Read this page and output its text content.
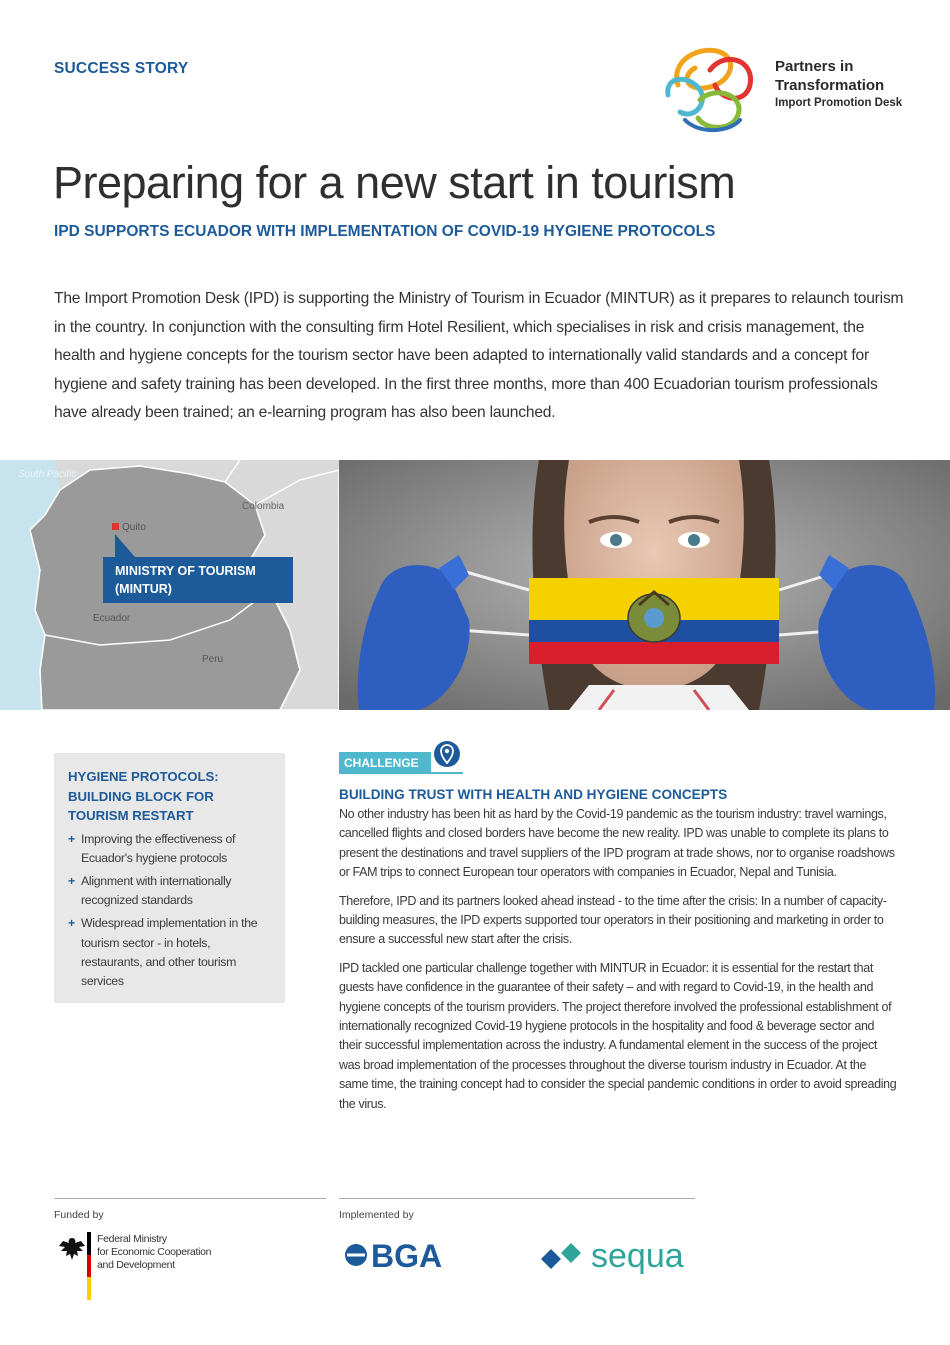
SUCCESS STORY	Partners in
Transformation
Import Promotion Desk
Preparing for a new start in tourism
IPD SUPPORTS ECUADOR WITH IMPLEMENTATION OF COVID-19 HYGIENE PROTOCOLS
The Import Promotion Desk (IPD) is supporting the Ministry of Tourism in Ecuador (MINTUR) as it prepares to relaunch tourism in the country. In conjunction with the consulting firm Hotel Resilient, which specialises in risk and crisis management, the health and hygiene concepts for the tourism sector have been adapted to internationally valid standards and a concept for hygiene and safety training has been developed. In the first three months, more than 400 Ecuadorian tourism professionals have already been trained; an e-learning program has also been launched.
South Pacific
Colombia
Quito
Ecuador
Peru
MINISTRY OF TOURISM
(MINTUR)
HYGIENE PROTOCOLS: BUILDING BLOCK FOR TOURISM RESTART
+ Improving the effectiveness of Ecuador's hygiene protocols
+ Alignment with internationally recognized standards
+ Widespread implementation in the tourism sector - in hotels, restaurants, and other tourism services
CHALLENGE
BUILDING TRUST WITH HEALTH AND HYGIENE CONCEPTS

No other industry has been hit as hard by the Covid-19 pandemic as the tourism industry: travel warnings, cancelled flights and closed borders have become the new reality. IPD was unable to complete its plans to present the destinations and travel suppliers of the IPD program at trade shows, nor to organise roadshows or FAM trips to connect European tour operators with companies in Ecuador, Nepal and Tunisia.

Therefore, IPD and its partners looked ahead instead - to the time after the crisis: In a number of capacity-building measures, the IPD experts supported tour operators in their positioning and marketing in order to ensure a successful new start after the crisis.

IPD tackled one particular challenge together with MINTUR in Ecuador: it is essential for the restart that guests have confidence in the guarantee of their safety – and with regard to Covid-19, in the health and hygiene concepts of the tourism providers. The project therefore involved the professional establishment of internationally recognized Covid-19 hygiene protocols in the hospitality and food & beverage sector and their successful implementation across the industry. A fundamental element in the success of the project was broad implementation of the processes throughout the diverse tourism industry in Ecuador. At the same time, the training concept had to consider the special pandemic conditions in order to avoid spreading the virus.

Funded by	Implemented by
Federal Ministry
for Economic Cooperation
and Development	BGA	sequa
